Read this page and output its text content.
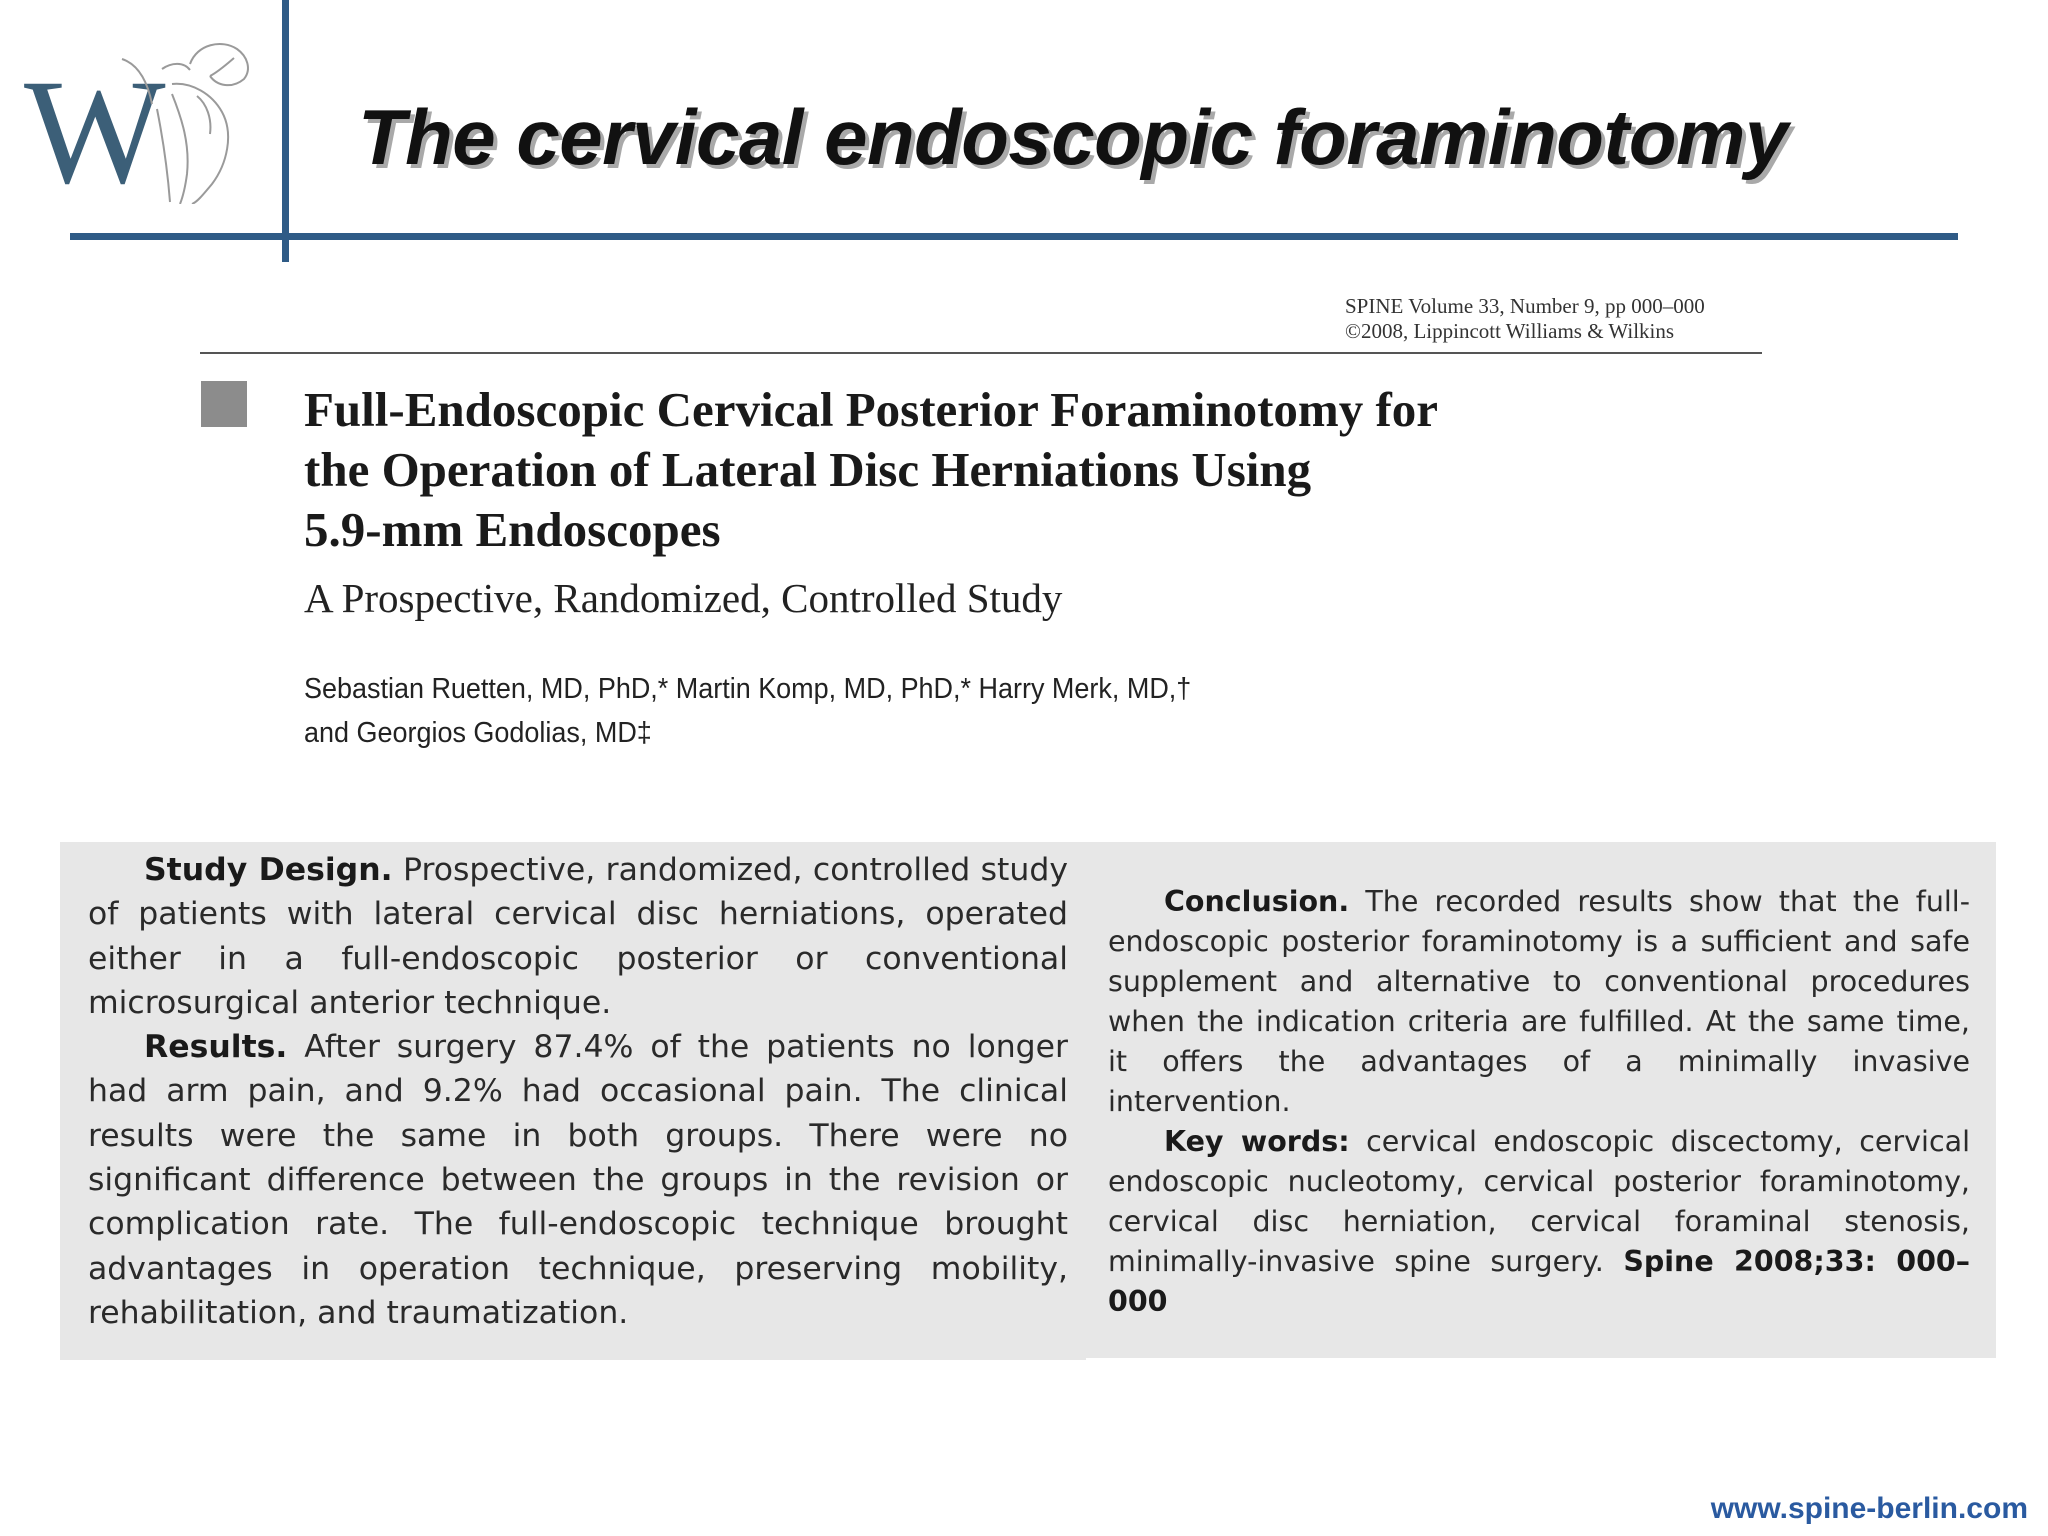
W The cervical endoscopic foraminotomy
SPINE Volume 33, Number 9, pp 000–000
©2008, Lippincott Williams & Wilkins
Full-Endoscopic Cervical Posterior Foraminotomy for
the Operation of Lateral Disc Herniations Using
5.9-mm Endoscopes
A Prospective, Randomized, Controlled Study
Sebastian Ruetten, MD, PhD,* Martin Komp, MD, PhD,* Harry Merk, MD,†
and Georgios Godolias, MD‡

Study Design. Prospective, randomized, controlled study of patients with lateral cervical disc herniations, operated either in a full-endoscopic posterior or conventional microsurgical anterior technique.

Results. After surgery 87.4% of the patients no longer had arm pain, and 9.2% had occasional pain. The clinical results were the same in both groups. There were no significant difference between the groups in the revision or complication rate. The full-endoscopic technique brought advantages in operation technique, preserving mobility, rehabilitation, and traumatization.

Conclusion. The recorded results show that the full-endoscopic posterior foraminotomy is a sufficient and safe supplement and alternative to conventional procedures when the indication criteria are fulfilled. At the same time, it offers the advantages of a minimally invasive intervention.

Key words: cervical endoscopic discectomy, cervical endoscopic nucleotomy, cervical posterior foraminotomy, cervical disc herniation, cervical foraminal stenosis, minimally-invasive spine surgery. Spine 2008;33: 000–000

www.spine-berlin.com
